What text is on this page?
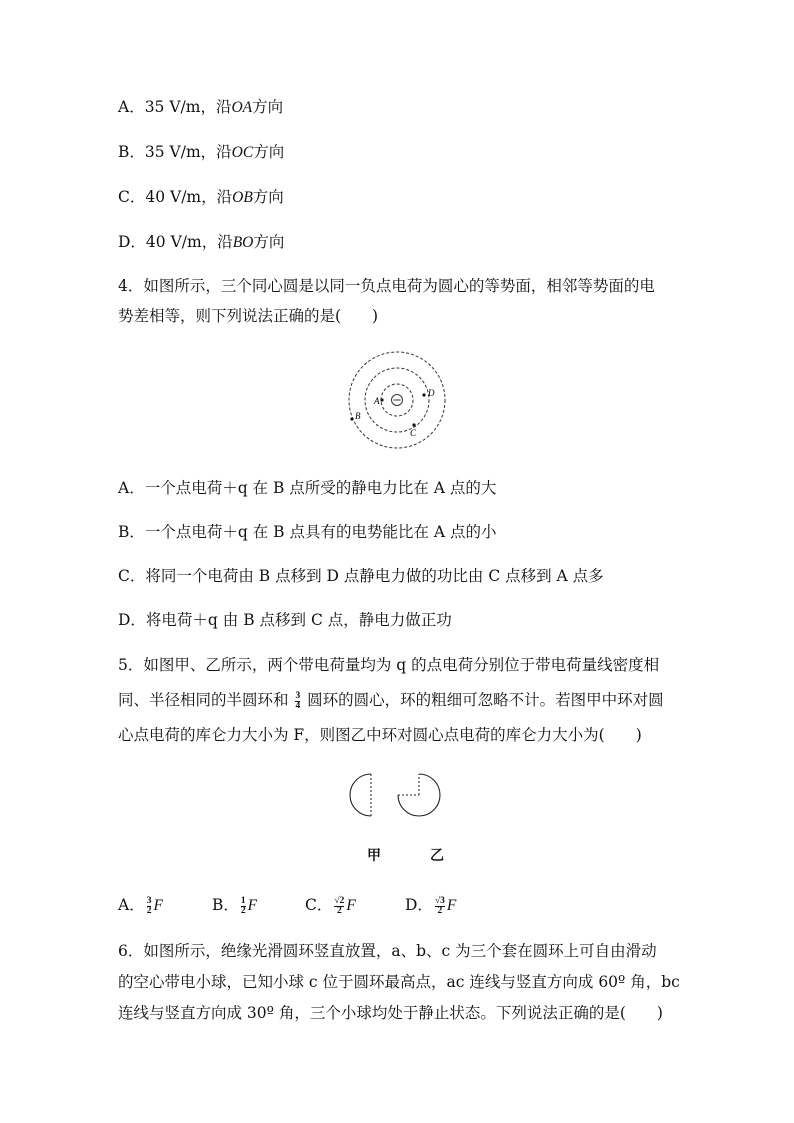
A．35 V/m，沿OA方向
B．35 V/m，沿OC方向
C．40 V/m，沿OB方向
D．40 V/m，沿BO方向
4．如图所示，三个同心圆是以同一负点电荷为圆心的等势面，相邻等势面的电
势差相等，则下列说法正确的是(　　)
A
B
C
D
A．一个点电荷＋q 在 B 点所受的静电力比在 A 点的大
B．一个点电荷＋q 在 B 点具有的电势能比在 A 点的小
C．将同一个电荷由 B 点移到 D 点静电力做的功比由 C 点移到 A 点多
D．将电荷＋q 由 B 点移到 C 点，静电力做正功
5．如图甲、乙所示，两个带电荷量均为 q 的点电荷分别位于带电荷量线密度相
同、半径相同的半圆环和 $\frac{3}{4}$ 圆环的圆心，环的粗细可忽略不计。若图甲中环对圆
心点电荷的库仑力大小为 F，则图乙中环对圆心点电荷的库仑力大小为(　　)
甲	乙
A． $\frac{3}{2}$ F	B． $\frac{1}{2}$ F	C． $\frac{√2}{2}$ F	D． $\frac{√3}{2}$ F
6．如图所示，绝缘光滑圆环竖直放置，a、b、c 为三个套在圆环上可自由滑动
的空心带电小球，已知小球 c 位于圆环最高点，ac 连线与竖直方向成 60º 角，bc
连线与竖直方向成 30º 角，三个小球均处于静止状态。下列说法正确的是(　　)
